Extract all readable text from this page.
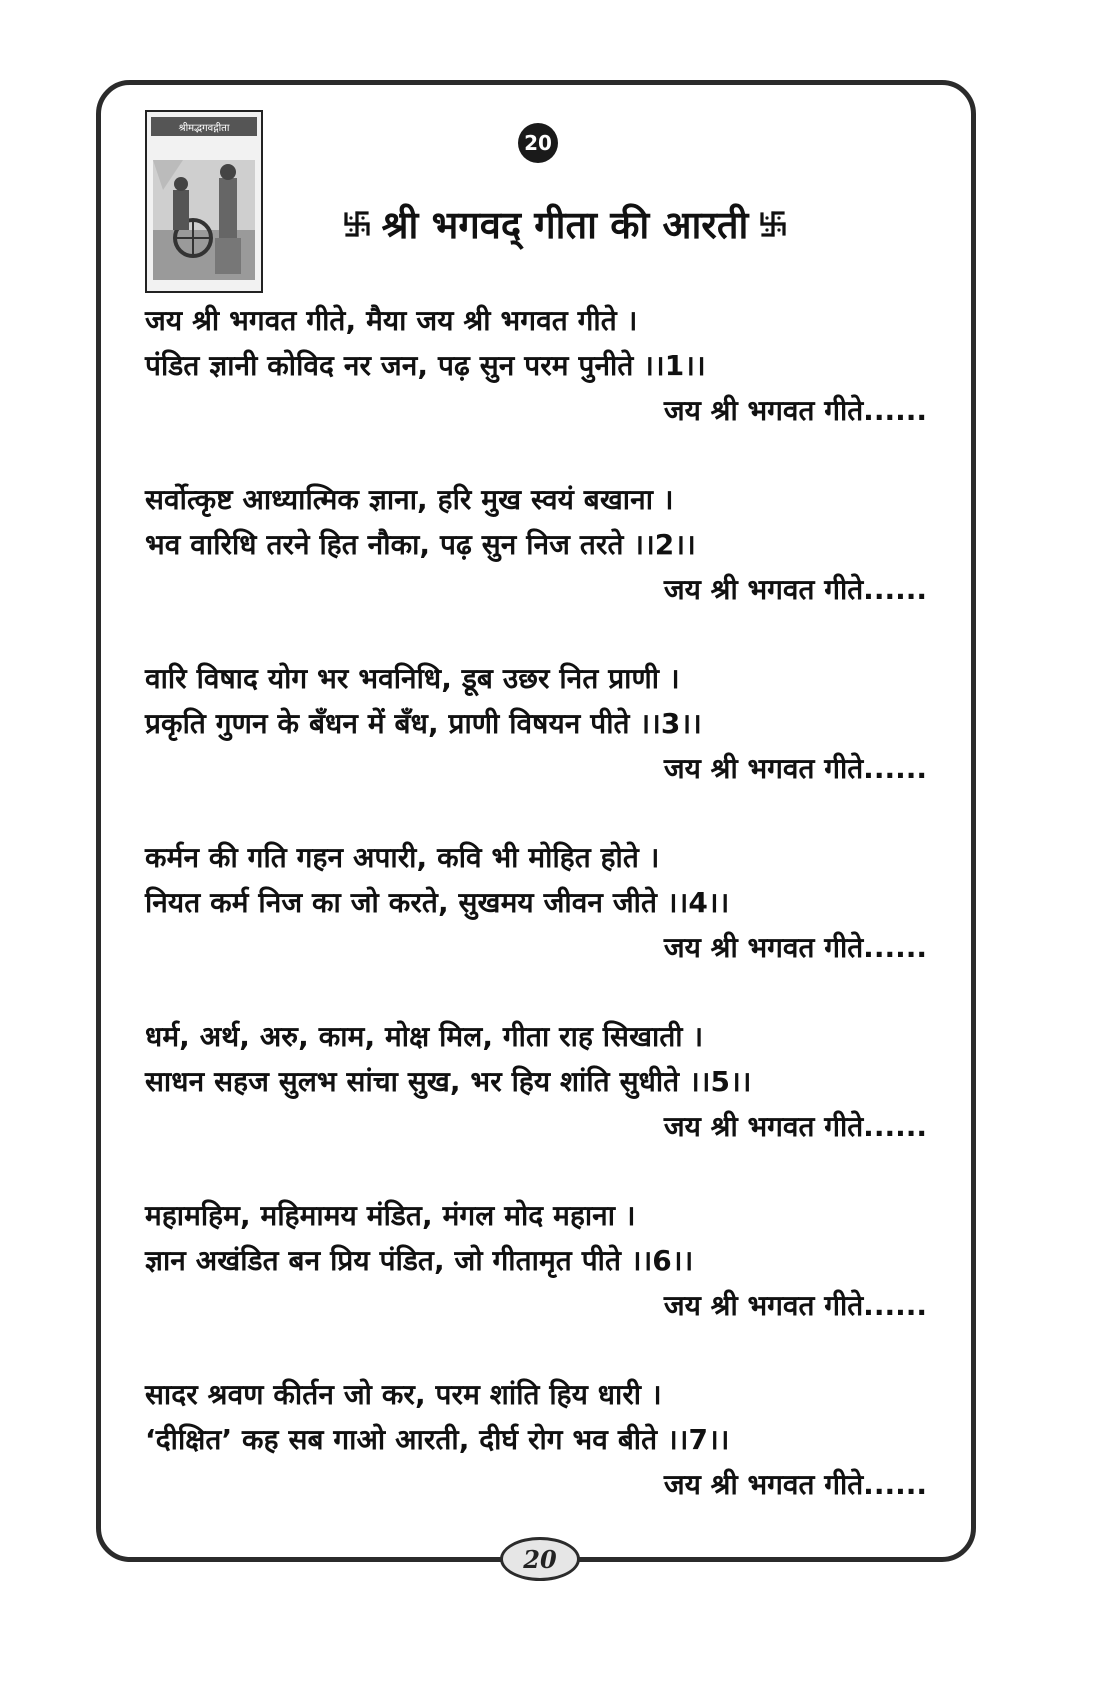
श्रीमद्भगवद्गीता
20
श्री भगवद् गीता की आरती
जय श्री भगवत गीते, मैया जय श्री भगवत गीते ।
पंडित ज्ञानी कोविद नर जन, पढ़ सुन परम पुनीते ।।1।।
जय श्री भगवत गीते......
सर्वोत्कृष्ट आध्यात्मिक ज्ञाना, हरि मुख स्वयं बखाना ।
भव वारिधि तरने हित नौका, पढ़ सुन निज तरते ।।2।।
जय श्री भगवत गीते......
वारि विषाद योग भर भवनिधि, डूब उछर नित प्राणी ।
प्रकृति गुणन के बँधन में बँध, प्राणी विषयन पीते ।।3।।
जय श्री भगवत गीते......
कर्मन की गति गहन अपारी, कवि भी मोहित होते ।
नियत कर्म निज का जो करते, सुखमय जीवन जीते ।।4।।
जय श्री भगवत गीते......
धर्म, अर्थ, अरु, काम, मोक्ष मिल, गीता राह सिखाती ।
साधन सहज सुलभ सांचा सुख, भर हिय शांति सुधीते ।।5।।
जय श्री भगवत गीते......
महामहिम, महिमामय मंडित, मंगल मोद महाना ।
ज्ञान अखंडित बन प्रिय पंडित, जो गीतामृत पीते ।।6।।
जय श्री भगवत गीते......
सादर श्रवण कीर्तन जो कर, परम शांति हिय धारी ।
‘दीक्षित’ कह सब गाओ आरती, दीर्घ रोग भव बीते ।।7।।
जय श्री भगवत गीते......
20
